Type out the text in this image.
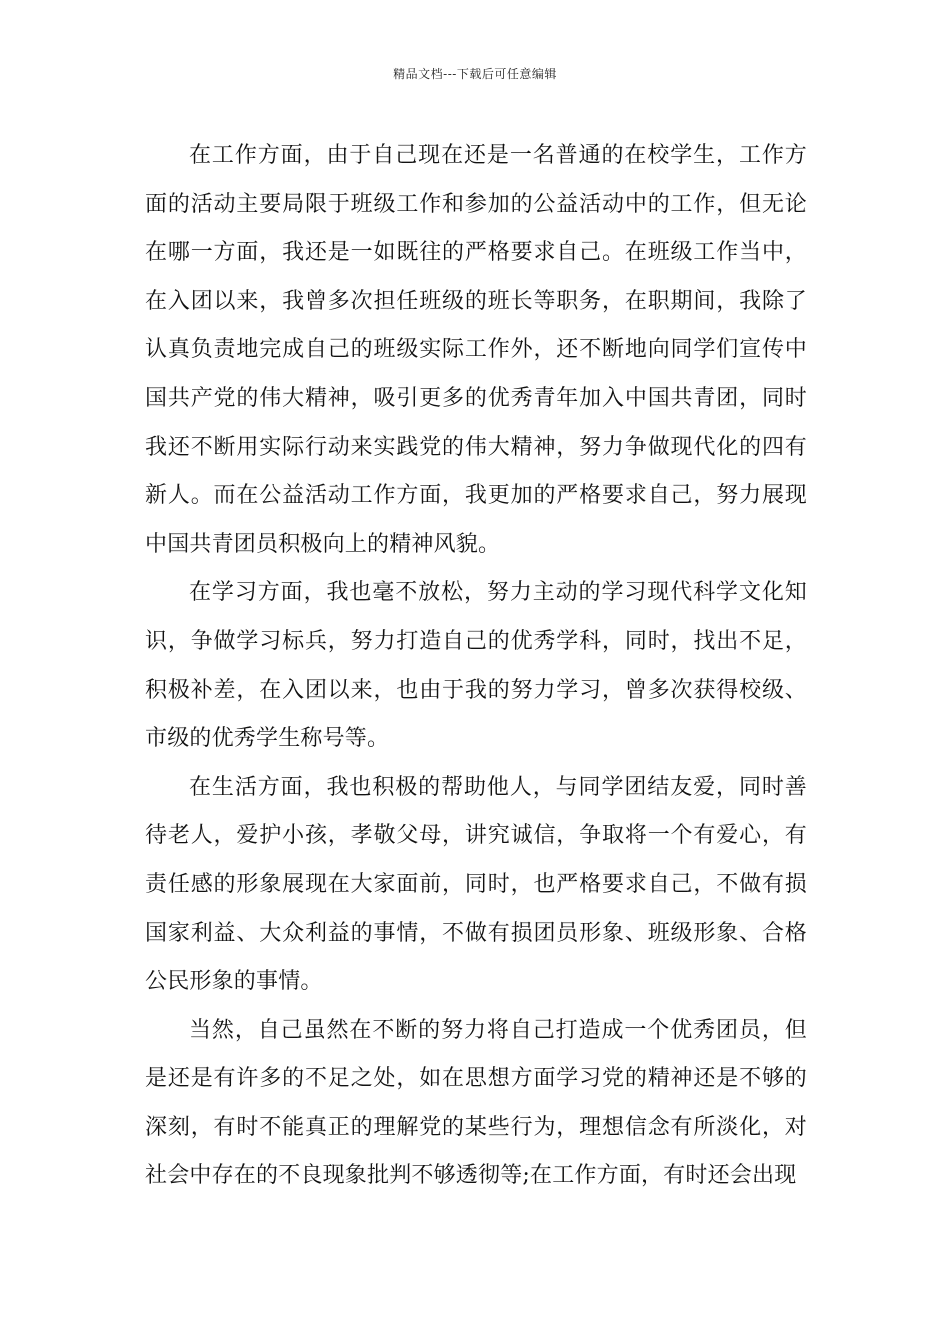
精品文档---下载后可任意编辑

在工作方面，由于自己现在还是一名普通的在校学生，工作方面的活动主要局限于班级工作和参加的公益活动中的工作，但无论在哪一方面，我还是一如既往的严格要求自己。在班级工作当中，在入团以来，我曾多次担任班级的班长等职务，在职期间，我除了认真负责地完成自己的班级实际工作外，还不断地向同学们宣传中国共产党的伟大精神，吸引更多的优秀青年加入中国共青团，同时我还不断用实际行动来实践党的伟大精神，努力争做现代化的四有新人。而在公益活动工作方面，我更加的严格要求自己，努力展现中国共青团员积极向上的精神风貌。

在学习方面，我也毫不放松，努力主动的学习现代科学文化知识，争做学习标兵，努力打造自己的优秀学科，同时，找出不足，积极补差，在入团以来，也由于我的努力学习，曾多次获得校级、市级的优秀学生称号等。

在生活方面，我也积极的帮助他人，与同学团结友爱，同时善待老人，爱护小孩，孝敬父母，讲究诚信，争取将一个有爱心，有责任感的形象展现在大家面前，同时，也严格要求自己，不做有损国家利益、大众利益的事情，不做有损团员形象、班级形象、合格公民形象的事情。

当然，自己虽然在不断的努力将自己打造成一个优秀团员，但是还是有许多的不足之处，如在思想方面学习党的精神还是不够的深刻，有时不能真正的理解党的某些行为，理想信念有所淡化，对社会中存在的不良现象批判不够透彻等;在工作方面，有时还会出现
